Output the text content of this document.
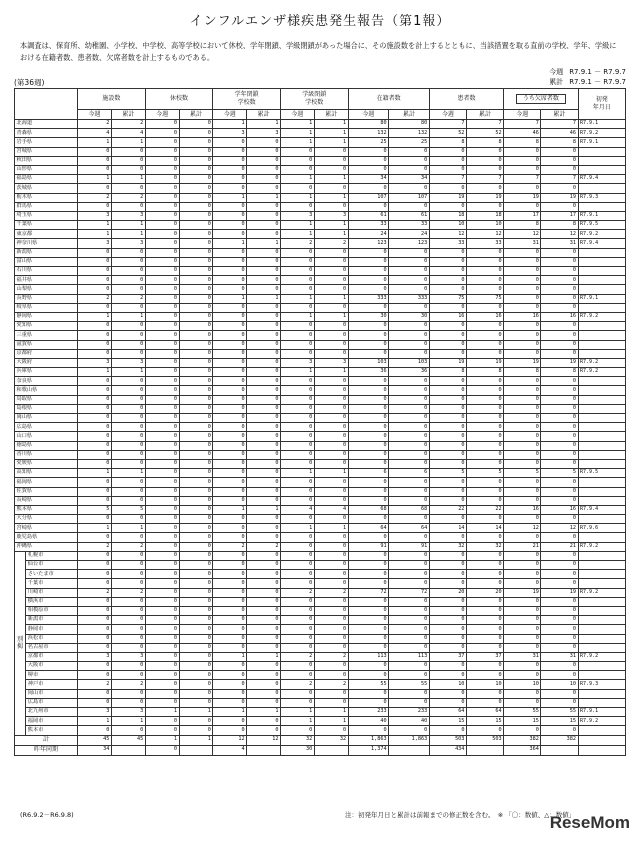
インフルエンザ様疾患発生報告（第1報）
本調査は、保育所、幼稚園、小学校、中学校、高等学校において休校、学年閉鎖、学級閉鎖があった場合に、その施設数を計上するとともに、当該措置を取る直前の学校、学年、学級における在籍者数、患者数、欠席者数を計上するものである。
(第36週)
今週 R7.9.1 － R7.9.7
累計 R7.9.1 － R7.9.7
		施設数		休校数		学年閉鎖
学校数		学級閉鎖
学校数		在籍者数		患者数		うち欠席者数		初発
年月日
		今週	累計	今週	累計	今週	累計	今週	累計	今週	累計	今週	累計	今週	累計	
北海道		2	2	0	0	1	1	1	1	80	80	7	7	7	7	R7.9.1
青森県		4	4	0	0	3	3	1	1	132	132	52	52	46	46	R7.9.2
岩手県		1	1	0	0	0	0	1	1	25	25	8	8	8	8	R7.9.1
宮城県		0	0	0	0	0	0	0	0	0	0	0	0	0	0	
秋田県		0	0	0	0	0	0	0	0	0	0	0	0	0	0	
山形県		0	0	0	0	0	0	0	0	0	0	0	0	0	0	
福島県		1	1	0	0	0	0	1	1	34	34	7	7	7	7	R7.9.4
茨城県		0	0	0	0	0	0	0	0	0	0	0	0	0	0	
栃木県		2	2	0	0	1	1	1	1	107	107	19	19	19	19	R7.9.3
群馬県		0	0	0	0	0	0	0	0	0	0	0	0	0	0	
埼玉県		3	3	0	0	0	0	3	3	61	61	18	18	17	17	R7.9.1
千葉県		1	1	0	0	0	0	1	1	33	33	10	10	8	8	R7.9.5
東京都		1	1	0	0	0	0	1	1	24	24	12	12	12	12	R7.9.2
神奈川県		3	3	0	0	1	1	2	2	123	123	33	33	31	31	R7.9.4
新潟県		0	0	0	0	0	0	0	0	0	0	0	0	0	0	
富山県		0	0	0	0	0	0	0	0	0	0	0	0	0	0	
石川県		0	0	0	0	0	0	0	0	0	0	0	0	0	0	
福井県		0	0	0	0	0	0	0	0	0	0	0	0	0	0	
山梨県		0	0	0	0	0	0	0	0	0	0	0	0	0	0	
長野県		2	2	0	0	1	1	1	1	333	333	75	75	0	0	R7.9.1
岐阜県		0	0	0	0	0	0	0	0	0	0	0	0	0	0	
静岡県		1	1	0	0	0	0	1	1	30	30	16	16	16	16	R7.9.2
愛知県		0	0	0	0	0	0	0	0	0	0	0	0	0	0	
三重県		0	0	0	0	0	0	0	0	0	0	0	0	0	0	
滋賀県		0	0	0	0	0	0	0	0	0	0	0	0	0	0	
京都府		0	0	0	0	0	0	0	0	0	0	0	0	0	0	
大阪府		3	3	0	0	0	0	3	3	103	103	19	19	19	19	R7.9.2
兵庫県		1	1	0	0	0	0	1	1	36	36	8	8	8	8	R7.9.2
奈良県		0	0	0	0	0	0	0	0	0	0	0	0	0	0	
和歌山県		0	0	0	0	0	0	0	0	0	0	0	0	0	0	
鳥取県		0	0	0	0	0	0	0	0	0	0	0	0	0	0	
島根県		0	0	0	0	0	0	0	0	0	0	0	0	0	0	
岡山県		0	0	0	0	0	0	0	0	0	0	0	0	0	0	
広島県		0	0	0	0	0	0	0	0	0	0	0	0	0	0	
山口県		0	0	0	0	0	0	0	0	0	0	0	0	0	0	
徳島県		0	0	0	0	0	0	0	0	0	0	0	0	0	0	
香川県		0	0	0	0	0	0	0	0	0	0	0	0	0	0	
愛媛県		0	0	0	0	0	0	0	0	0	0	0	0	0	0	
高知県		1	1	0	0	0	0	1	1	6	6	5	5	5	5	R7.9.5
福岡県		0	0	0	0	0	0	0	0	0	0	0	0	0	0	
佐賀県		0	0	0	0	0	0	0	0	0	0	0	0	0	0	
長崎県		0	0	0	0	0	0	0	0	0	0	0	0	0	0	
熊本県		5	5	0	0	1	1	4	4	68	68	22	22	16	16	R7.9.4
大分県		0	0	0	0	0	0	0	0	0	0	0	0	0	0	
宮崎県		1	1	0	0	0	0	1	1	64	64	14	14	12	12	R7.9.6
鹿児島県		0	0	0	0	0	0	0	0	0	0	0	0	0	0	
沖縄県		2	2	0	0	2	2	0	0	91	91	32	32	21	21	R7.9.2
別　掲	札幌市	0	0	0	0	0	0	0	0	0	0	0	0	0	0	
	仙台市	0	0	0	0	0	0	0	0	0	0	0	0	0	0	
	さいたま市	0	0	0	0	0	0	0	0	0	0	0	0	0	0	
	千葉市	0	0	0	0	0	0	0	0	0	0	0	0	0	0	
	川崎市	2	2	0	0	0	0	2	2	72	72	20	20	19	19	R7.9.2
	横浜市	0	0	0	0	0	0	0	0	0	0	0	0	0	0	
	相模原市	0	0	0	0	0	0	0	0	0	0	0	0	0	0	
	新潟市	0	0	0	0	0	0	0	0	0	0	0	0	0	0	
	静岡市	0	0	0	0	0	0	0	0	0	0	0	0	0	0	
	浜松市	0	0	0	0	0	0	0	0	0	0	0	0	0	0	
	名古屋市	0	0	0	0	0	0	0	0	0	0	0	0	0	0	
	京都市	3	3	0	0	1	1	2	2	113	113	37	37	31	31	R7.9.2
	大阪市	0	0	0	0	0	0	0	0	0	0	0	0	0	0	
	堺市	0	0	0	0	0	0	0	0	0	0	0	0	0	0	
	神戸市	2	2	0	0	0	0	2	2	55	55	10	10	10	10	R7.9.3
	岡山市	0	0	0	0	0	0	0	0	0	0	0	0	0	0	
	広島市	0	0	0	0	0	0	0	0	0	0	0	0	0	0	
	北九州市	3	3	1	1	1	1	1	1	233	233	64	64	55	55	R7.9.1
	福岡市	1	1	0	0	0	0	1	1	40	40	15	15	15	15	R7.9.2
	熊本市	0	0	0	0	0	0	0	0	0	0	0	0	0	0	
計		45	45	1	1	12	12	32	32	1,863	1,863	503	503	382	382	
昨年同期		34		0		4		30		1,374		434		364		
(R6.9.2－R6.9.8)	注：初発年月日と累計は前報までの修正数を含む。　※ 「〇：数値、△：数値」
ReseMom
